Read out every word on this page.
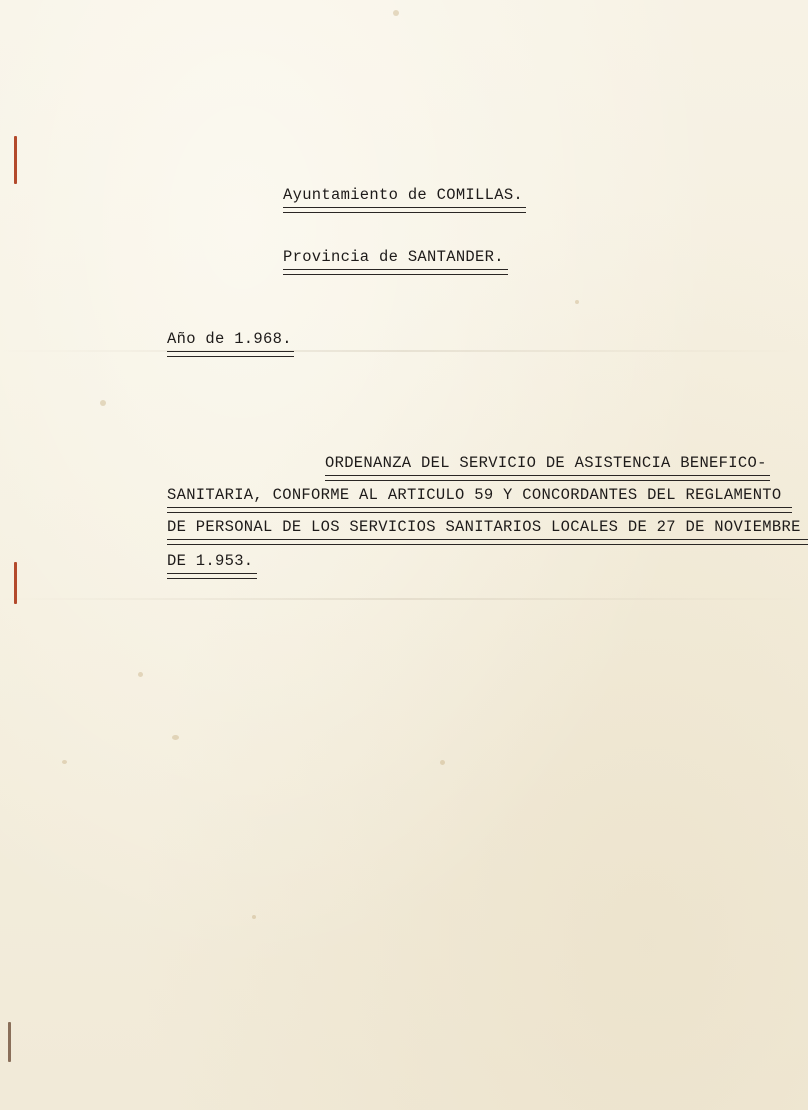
Ayuntamiento de COMILLAS.
Provincia de SANTANDER.
Año de 1.968.
ORDENANZA DEL SERVICIO DE ASISTENCIA BENEFICO-
SANITARIA, CONFORME AL ARTICULO 59 Y CONCORDANTES DEL REGLAMENTO
DE PERSONAL DE LOS SERVICIOS SANITARIOS LOCALES DE 27 DE NOVIEMBRE
DE 1.953.
